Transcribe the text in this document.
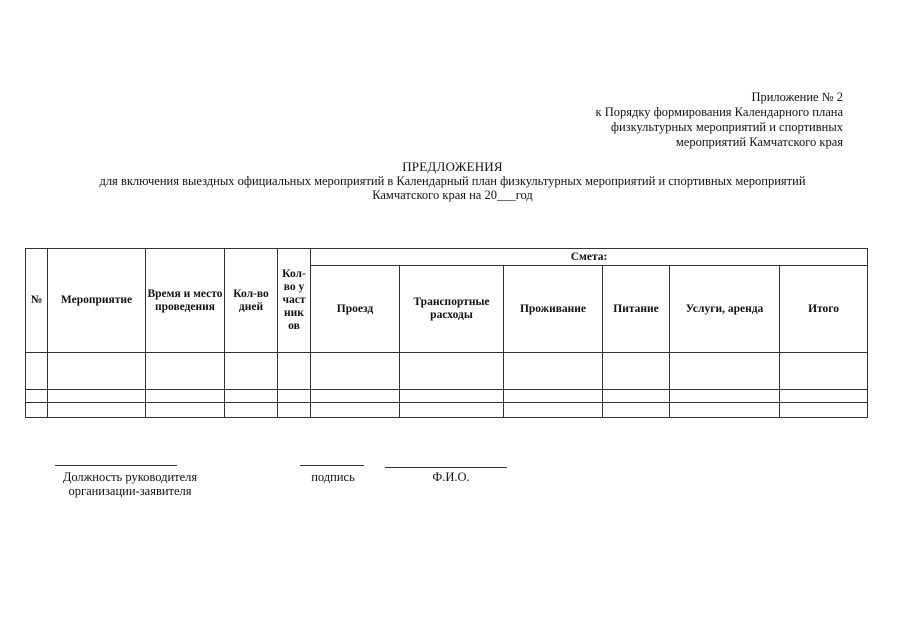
Приложение № 2
к Порядку формирования Календарного плана
физкультурных мероприятий и спортивных
мероприятий Камчатского края
ПРЕДЛОЖЕНИЯ
для включения выездных официальных мероприятий в Календарный план физкультурных мероприятий и спортивных мероприятий
Камчатского края на 20___год
№	Мероприятие	Время и место проведения	Кол-во дней	Кол-во участников	Смета:					
					Проезд	Транспортные расходы	Проживание	Питание	Услуги, аренда	Итого

Должность руководителя
организации-заявителя
подпись	Ф.И.О.
